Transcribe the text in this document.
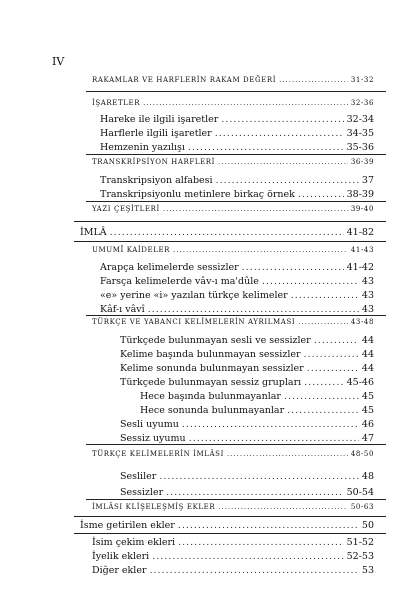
IV
RAKAMLAR VE HARFLERİN RAKAM DEĞERİ .....	31-32
İŞARETLER .....	32-36
Hareke ile ilgili işaretler .....	32-34
Harflerle ilgili işaretler .....	34-35
Hemzenin yazılışı .....	35-36
TRANSKRİPSİYON HARFLERİ .....	36-39
Transkripsiyon alfabesi .....	37
Transkripsiyonlu metinlere birkaç örnek .....	38-39
YAZI ÇEŞİTLERİ .....	39-40
İMLÂ .....	41-82
UMUMÎ KAİDELER .....	41-43
Arapça kelimelerde sessizler .....	41-42
Farsça kelimelerde vâv-ı ma'dûle .....	43
«e» yerine «i» yazılan türkçe kelimeler .....	43
Kâf-ı vâvî .....	43
TÜRKÇE VE YABANCI KELİMELERİN AYRILMASI .....	43-48
Türkçede bulunmayan sesli ve sessizler .....	44
Kelime başında bulunmayan sessizler .....	44
Kelime sonunda bulunmayan sessizler .....	44
Türkçede bulunmayan sessiz grupları .....	45-46
Hece başında bulunmayanlar .....	45
Hece sonunda bulunmayanlar .....	45
Sesli uyumu .....	46
Sessiz uyumu .....	47
TÜRKÇE KELİMELERİN İMLÂSI .....	48-50
Sesliler .....	48
Sessizler .....	50-54
İMLÂSI KLİŞELEŞMİŞ EKLER .....	50-63
İsme getirilen ekler .....	50
İsim çekim ekleri .....	51-52
İyelik ekleri .....	52-53
Diğer ekler .....	53
